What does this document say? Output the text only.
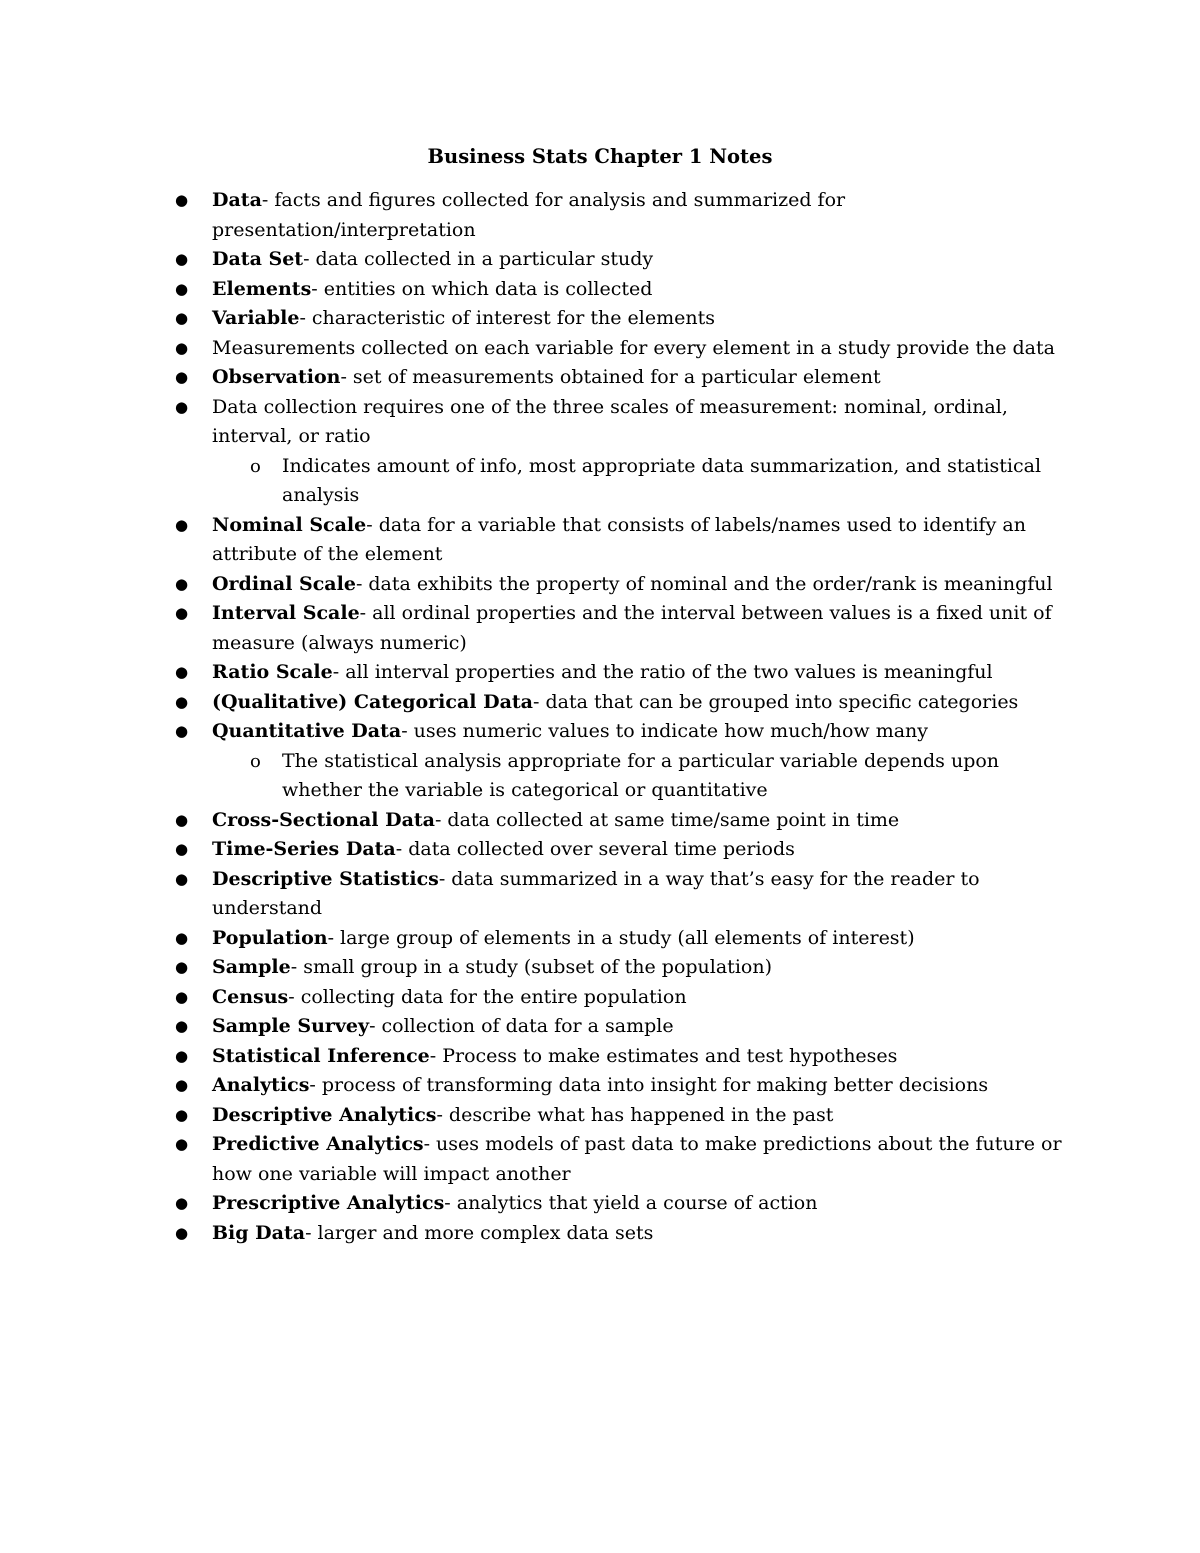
Business Stats Chapter 1 Notes
● Data- facts and figures collected for analysis and summarized for presentation/interpretation
● Data Set- data collected in a particular study
● Elements- entities on which data is collected
● Variable- characteristic of interest for the elements
● Measurements collected on each variable for every element in a study provide the data
● Observation- set of measurements obtained for a particular element
● Data collection requires one of the three scales of measurement: nominal, ordinal, interval, or ratio
o Indicates amount of info, most appropriate data summarization, and statistical analysis
● Nominal Scale- data for a variable that consists of labels/names used to identify an attribute of the element
● Ordinal Scale- data exhibits the property of nominal and the order/rank is meaningful
● Interval Scale- all ordinal properties and the interval between values is a fixed unit of measure (always numeric)
● Ratio Scale- all interval properties and the ratio of the two values is meaningful
● (Qualitative) Categorical Data- data that can be grouped into specific categories
● Quantitative Data- uses numeric values to indicate how much/how many
o The statistical analysis appropriate for a particular variable depends upon whether the variable is categorical or quantitative
● Cross-Sectional Data- data collected at same time/same point in time
● Time-Series Data- data collected over several time periods
● Descriptive Statistics- data summarized in a way that’s easy for the reader to understand
● Population- large group of elements in a study (all elements of interest)
● Sample- small group in a study (subset of the population)
● Census- collecting data for the entire population
● Sample Survey- collection of data for a sample
● Statistical Inference- Process to make estimates and test hypotheses
● Analytics- process of transforming data into insight for making better decisions
● Descriptive Analytics- describe what has happened in the past
● Predictive Analytics- uses models of past data to make predictions about the future or how one variable will impact another
● Prescriptive Analytics- analytics that yield a course of action
● Big Data- larger and more complex data sets
